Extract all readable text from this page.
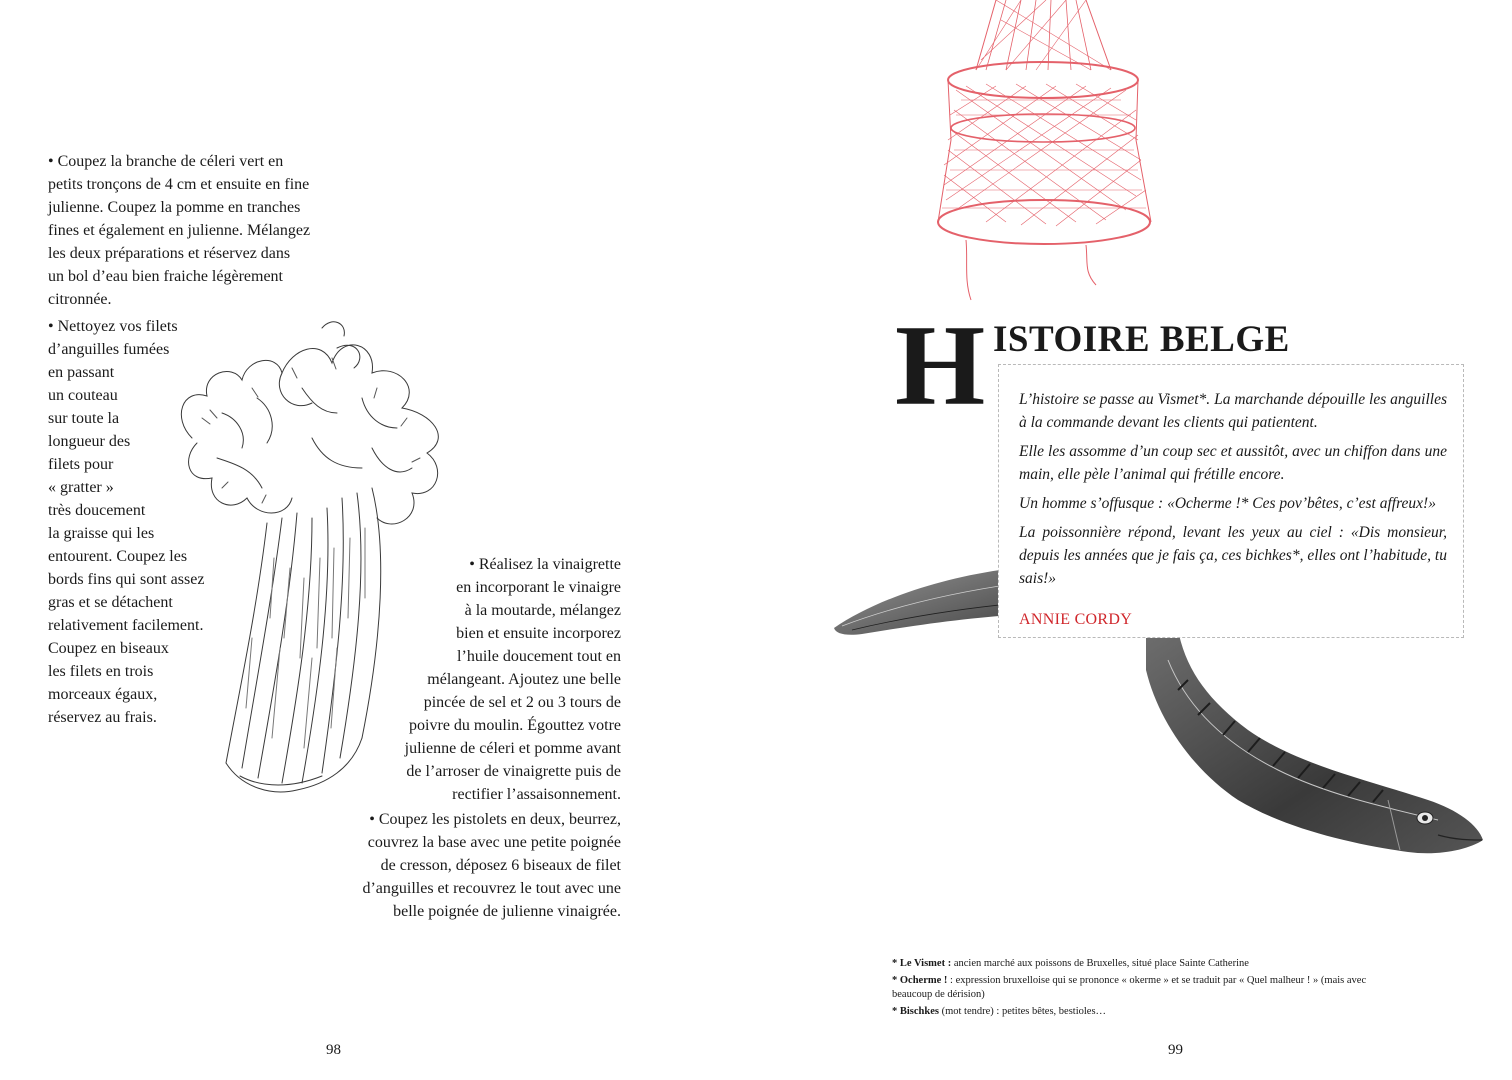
• Coupez la branche de céleri vert en
petits tronçons de 4 cm et ensuite en fine
julienne. Coupez la pomme en tranches
fines et également en julienne. Mélangez
les deux préparations et réservez dans
un bol d’eau bien fraiche légèrement
citronnée.
• Nettoyez vos filets
d’anguilles fumées
en passant
un couteau
sur toute la
longueur des
filets pour
« gratter »
très doucement
la graisse qui les
entourent. Coupez les
bords fins qui sont assez
gras et se détachent
relativement facilement.
Coupez en biseaux
les filets en trois
morceaux égaux,
réservez au frais.
• Réalisez la vinaigrette
en incorporant le vinaigre
à la moutarde, mélangez
bien et ensuite incorporez
l’huile doucement tout en
mélangeant. Ajoutez une belle
pincée de sel et 2 ou 3 tours de
poivre du moulin. Égouttez votre
julienne de céleri et pomme avant
de l’arroser de vinaigrette puis de
rectifier l’assaisonnement.
• Coupez les pistolets en deux, beurrez,
couvrez la base avec une petite poignée
de cresson, déposez 6 biseaux de filet
d’anguilles et recouvrez le tout avec une
belle poignée de julienne vinaigrée.
98
H ISTOIRE BELGE

L’histoire se passe au Vismet*. La marchande dépouille les anguilles à la commande devant les clients qui patientent.

Elle les assomme d’un coup sec et aussitôt, avec un chiffon dans une main, elle pèle l’animal qui frétille encore.

Un homme s’offusque : «Ocherme !* Ces pov’bêtes, c’est affreux!»

La poissonnière répond, levant les yeux au ciel : «Dis monsieur, depuis les années que je fais ça, ces bichkes*, elles ont l’habitude, tu sais!»

ANNIE CORDY

* Le Vismet : ancien marché aux poissons de Bruxelles, situé place Sainte Catherine

* Ocherme ! : expression bruxelloise qui se prononce « okerme » et se traduit par « Quel malheur ! » (mais avec beaucoup de dérision)

* Bischkes (mot tendre) : petites bêtes, bestioles…

99
